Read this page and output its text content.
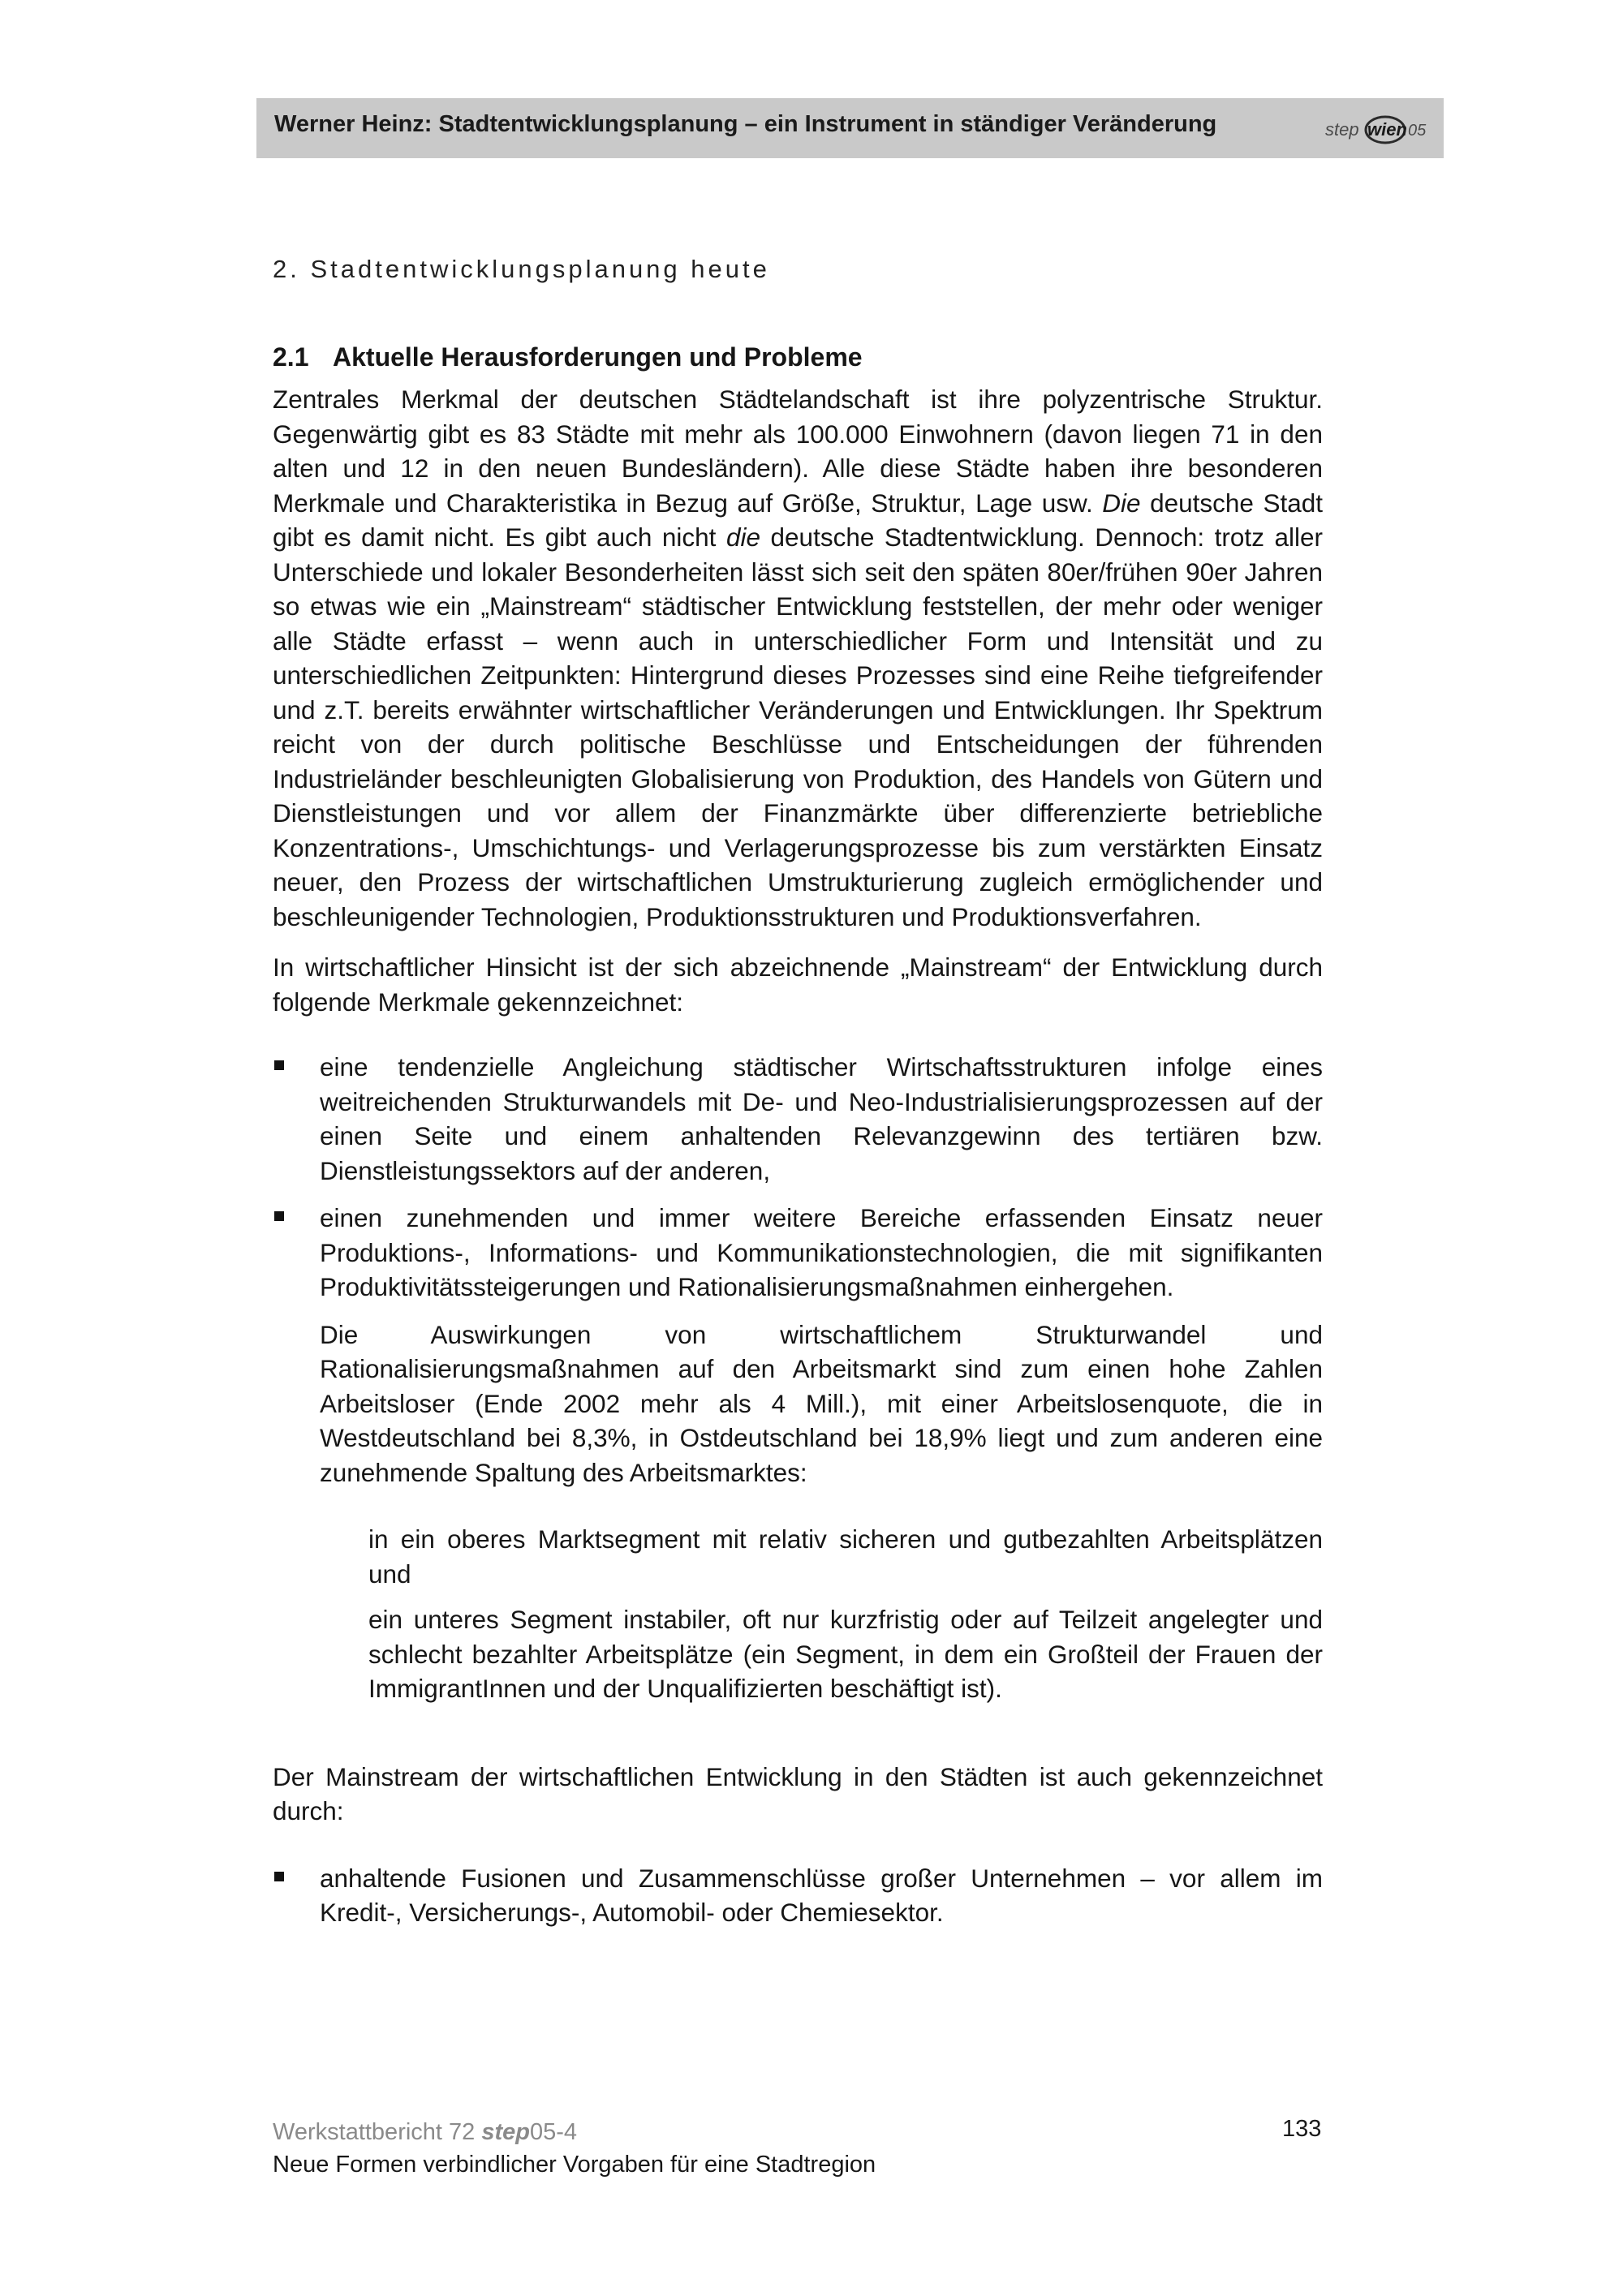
Werner Heinz: Stadtentwicklungsplanung – ein Instrument in ständiger Veränderung	step wien 05
2. Stadtentwicklungsplanung heute
2.1 Aktuelle Herausforderungen und Probleme

Zentrales Merkmal der deutschen Städtelandschaft ist ihre polyzentrische Struktur. Gegenwärtig gibt es 83 Städte mit mehr als 100.000 Einwohnern (davon liegen 71 in den alten und 12 in den neuen Bundesländern). Alle diese Städte haben ihre besonderen Merkmale und Charakteristika in Bezug auf Größe, Struktur, Lage usw. Die deutsche Stadt gibt es damit nicht. Es gibt auch nicht die deutsche Stadtentwicklung. Dennoch: trotz aller Unterschiede und lokaler Besonderheiten lässt sich seit den späten 80er/frühen 90er Jahren so etwas wie ein „Mainstream“ städtischer Entwicklung feststellen, der mehr oder weniger alle Städte erfasst – wenn auch in unterschiedlicher Form und Intensität und zu unterschiedlichen Zeitpunkten: Hintergrund dieses Prozesses sind eine Reihe tiefgreifender und z.T. bereits erwähnter wirtschaftlicher Veränderungen und Entwicklungen. Ihr Spektrum reicht von der durch politische Beschlüsse und Entscheidungen der führenden Industrieländer beschleunigten Globalisierung von Produktion, des Handels von Gütern und Dienstleistungen und vor allem der Finanzmärkte über differenzierte betriebliche Konzentrations-, Umschichtungs- und Verlagerungsprozesse bis zum verstärkten Einsatz neuer, den Prozess der wirtschaftlichen Umstrukturierung zugleich ermöglichender und beschleunigender Technologien, Produktionsstrukturen und Produktionsverfahren.

In wirtschaftlicher Hinsicht ist der sich abzeichnende „Mainstream“ der Entwicklung durch folgende Merkmale gekennzeichnet:

eine tendenzielle Angleichung städtischer Wirtschaftsstrukturen infolge eines weitreichenden Strukturwandels mit De- und Neo-Industrialisierungsprozessen auf der einen Seite und einem anhaltenden Relevanzgewinn des tertiären bzw. Dienstleistungssektors auf der anderen,
einen zunehmenden und immer weitere Bereiche erfassenden Einsatz neuer Produktions-, Informations- und Kommunikationstechnologien, die mit signifikanten Produktivitätssteigerungen und Rationalisierungsmaßnahmen einhergehen.

Die Auswirkungen von wirtschaftlichem Strukturwandel und Rationalisierungsmaßnahmen auf den Arbeitsmarkt sind zum einen hohe Zahlen Arbeitsloser (Ende 2002 mehr als 4 Mill.), mit einer Arbeitslosenquote, die in Westdeutschland bei 8,3%, in Ostdeutschland bei 18,9% liegt und zum anderen eine zunehmende Spaltung des Arbeitsmarktes:

in ein oberes Marktsegment mit relativ sicheren und gutbezahlten Arbeitsplätzen und

ein unteres Segment instabiler, oft nur kurzfristig oder auf Teilzeit angelegter und schlecht bezahlter Arbeitsplätze (ein Segment, in dem ein Großteil der Frauen der ImmigrantInnen und der Unqualifizierten beschäftigt ist).

Der Mainstream der wirtschaftlichen Entwicklung in den Städten ist auch gekennzeichnet durch:

anhaltende Fusionen und Zusammenschlüsse großer Unternehmen – vor allem im Kredit-, Versicherungs-, Automobil- oder Chemiesektor.
Werkstattbericht 72 step05-4
Neue Formen verbindlicher Vorgaben für eine Stadtregion
133
